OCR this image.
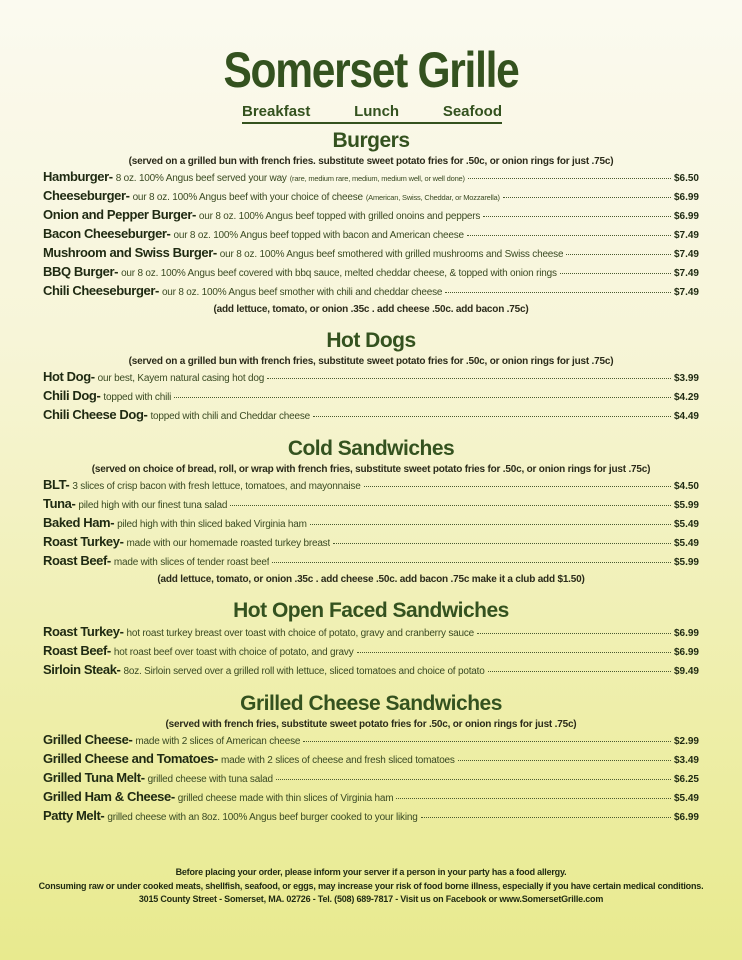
Somerset Grille
Breakfast	Lunch	Seafood
Burgers
(served on a grilled bun with french fries. substitute sweet potato fries for .50c, or onion rings for just .75c)
Hamburger- 8 oz. 100% Angus beef served your way (rare, medium rare, medium, medium well, or well done)	$6.50
Cheeseburger- our 8 oz. 100% Angus beef with your choice of cheese (American, Swiss, Cheddar, or Mozzarella)	$6.99
Onion and Pepper Burger- our 8 oz. 100% Angus beef topped with grilled onoins and peppers	$6.99
Bacon Cheeseburger- our 8 oz. 100% Angus beef topped with bacon and American cheese	$7.49
Mushroom and Swiss Burger- our 8 oz. 100% Angus beef smothered with grilled mushrooms and Swiss cheese	$7.49
BBQ Burger- our 8 oz. 100% Angus beef covered with bbq sauce, melted cheddar cheese, & topped with onion rings	$7.49
Chili Cheeseburger- our 8 oz. 100% Angus beef smother with chili and cheddar cheese	$7.49
(add lettuce, tomato, or onion .35c . add cheese .50c. add bacon .75c)
Hot Dogs
(served on a grilled bun with french fries, substitute sweet potato fries for .50c, or onion rings for just .75c)
Hot Dog- our best, Kayem natural casing hot dog	$3.99
Chili Dog- topped with chili	$4.29
Chili Cheese Dog- topped with chili and Cheddar cheese	$4.49
Cold Sandwiches
(served on choice of bread, roll, or wrap with french fries, substitute sweet potato fries for .50c, or onion rings for just .75c)
BLT- 3 slices of crisp bacon with fresh lettuce, tomatoes, and mayonnaise	$4.50
Tuna- piled high with our finest tuna salad	$5.99
Baked Ham- piled high with thin sliced baked Virginia ham	$5.49
Roast Turkey- made with our homemade roasted turkey breast	$5.49
Roast Beef- made with slices of tender roast beef	$5.99
(add lettuce, tomato, or onion .35c . add cheese .50c. add bacon .75c make it a club add $1.50)
Hot Open Faced Sandwiches
Roast Turkey- hot roast turkey breast over toast with choice of potato, gravy and cranberry sauce	$6.99
Roast Beef- hot roast beef over toast with choice of potato, and gravy	$6.99
Sirloin Steak- 8oz. Sirloin served over a grilled roll with lettuce, sliced tomatoes and choice of potato	$9.49
Grilled Cheese Sandwiches
(served with french fries, substitute sweet potato fries for .50c, or onion rings for just .75c)
Grilled Cheese- made with 2 slices of American cheese	$2.99
Grilled Cheese and Tomatoes- made with 2 slices of cheese and fresh sliced tomatoes	$3.49
Grilled Tuna Melt- grilled cheese with tuna salad	$6.25
Grilled Ham & Cheese- grilled cheese made with thin slices of Virginia ham	$5.49
Patty Melt- grilled cheese with an 8oz. 100% Angus beef burger cooked to your liking	$6.99
Before placing your order, please inform your server if a person in your party has a food allergy.
Consuming raw or under cooked meats, shellfish, seafood, or eggs, may increase your risk of food borne illness, especially if you have certain medical conditions.
3015 County Street - Somerset, MA. 02726 - Tel. (508) 689-7817 - Visit us on Facebook or www.SomersetGrille.com
